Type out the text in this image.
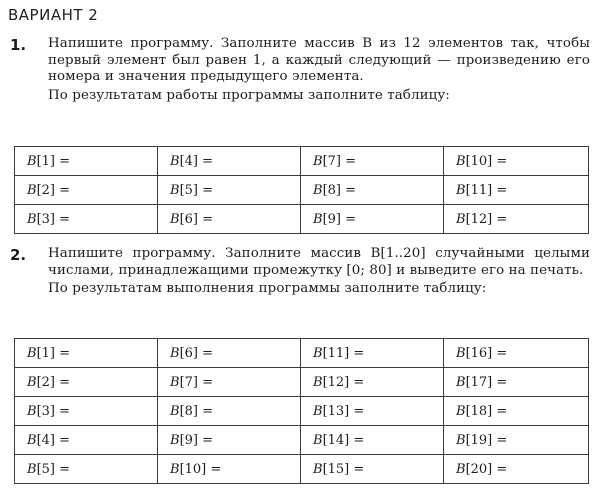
ВАРИАНТ 2
1. Напишите программу. Заполните массив B из 12 элементов так, чтобы первый элемент был равен 1, а каждый следующий — произведению его номера и значения предыдущего элемента.

По результатам работы программы заполните таблицу:

B[1] =	B[4] =	B[7] =	B[10] =
B[2] =	B[5] =	B[8] =	B[11] =
B[3] =	B[6] =	B[9] =	B[12] =
2. Напишите программу. Заполните массив B[1..20] случайными целыми числами, принадлежащими промежутку [0; 80] и выведите его на печать.

По результатам выполнения программы заполните таблицу:

B[1] =	B[6] =	B[11] =	B[16] =
B[2] =	B[7] =	B[12] =	B[17] =
B[3] =	B[8] =	B[13] =	B[18] =
B[4] =	B[9] =	B[14] =	B[19] =
B[5] =	B[10] =	B[15] =	B[20] =
